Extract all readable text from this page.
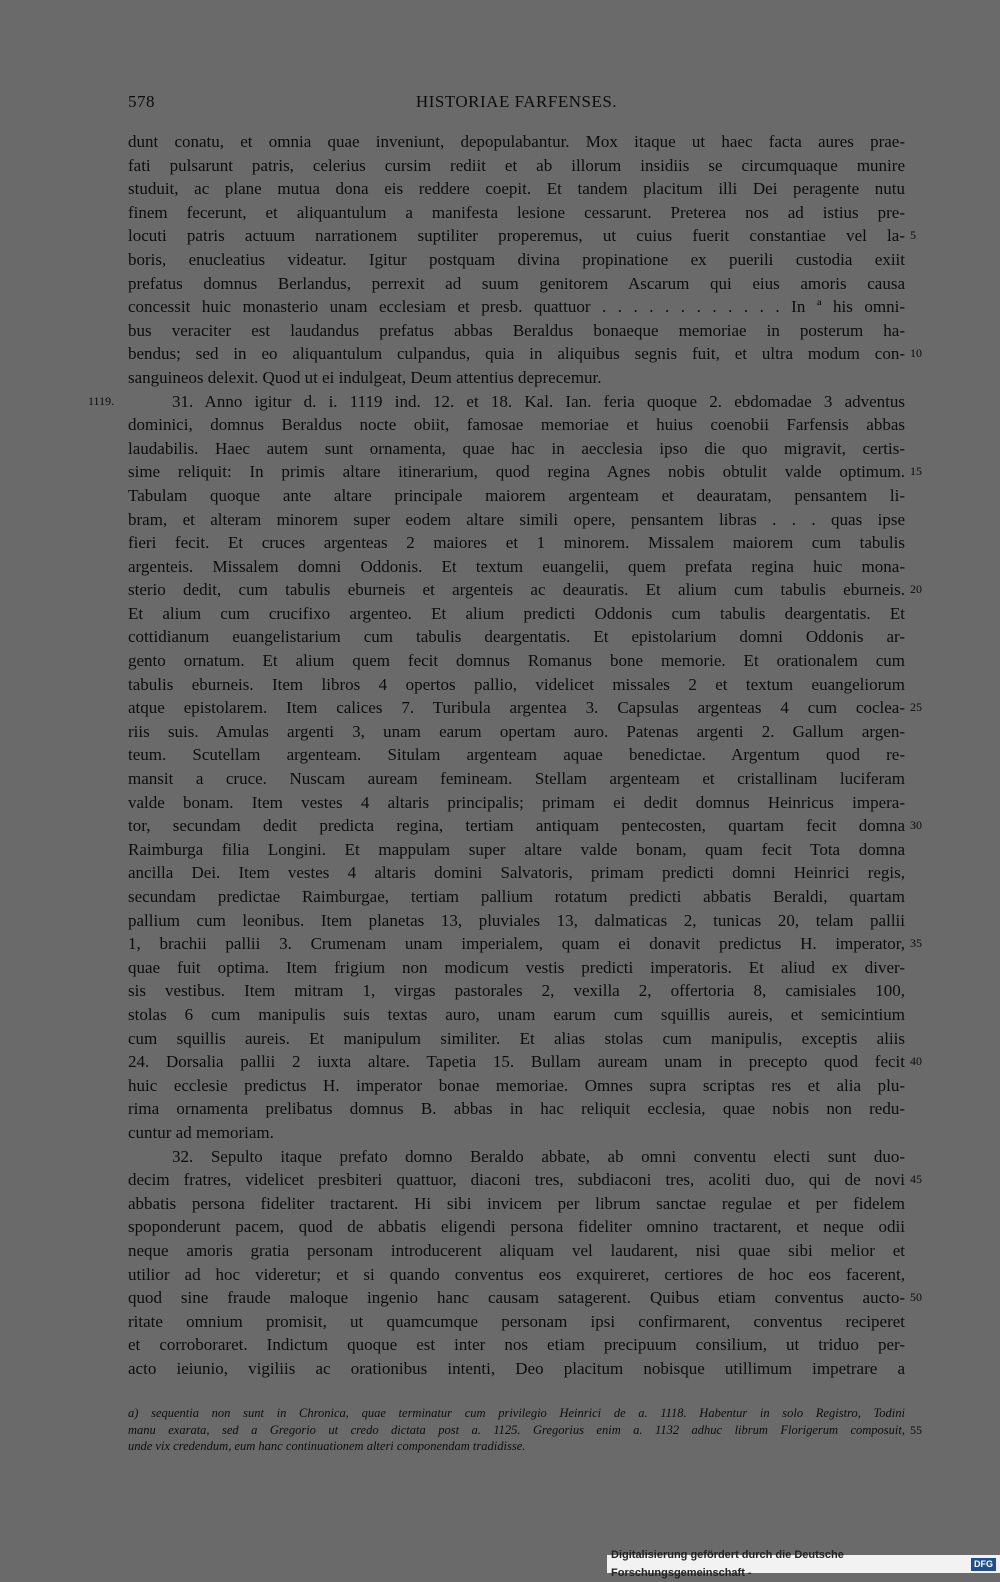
578	HISTORIAE FARFENSES.
dunt conatu, et omnia quae inveniunt, depopulabantur. Mox itaque ut haec facta aures prae-
fati pulsarunt patris, celerius cursim rediit et ab illorum insidiis se circumquaque munire
studuit, ac plane mutua dona eis reddere coepit. Et tandem placitum illi Dei peragente nutu
finem fecerunt, et aliquantulum a manifesta lesione cessarunt. Preterea nos ad istius pre-
locuti patris actuum narrationem suptiliter properemus, ut cuius fuerit constantiae vel la- 5
boris, enucleatius videatur. Igitur postquam divina propinatione ex puerili custodia exiit
prefatus domnus Berlandus, perrexit ad suum genitorem Ascarum qui eius amoris causa
concessit huic monasterio unam ecclesiam et presb. quattuor . . . . . . . . . . . . In ª his omni-
bus veraciter est laudandus prefatus abbas Beraldus bonaeque memoriae in posterum ha-
bendus; sed in eo aliquantulum culpandus, quia in aliquibus segnis fuit, et ultra modum con- 10
sanguineos delexit. Quod ut ei indulgeat, Deum attentius deprecemur.
31. Anno igitur d. i. 1119 ind. 12. et 18. Kal. Ian. feria quoque 2. ebdomadae 3 adventus
1119.
dominici, domnus Beraldus nocte obiit, famosae memoriae et huius coenobii Farfensis abbas
laudabilis. Haec autem sunt ornamenta, quae hac in aecclesia ipso die quo migravit, certis-
sime reliquit: In primis altare itinerarium, quod regina Agnes nobis obtulit valde optimum. 15
Tabulam quoque ante altare principale maiorem argenteam et deauratam, pensantem li-
bram, et alteram minorem super eodem altare simili opere, pensantem libras . . . quas ipse
fieri fecit. Et cruces argenteas 2 maiores et 1 minorem. Missalem maiorem cum tabulis
argenteis. Missalem domni Oddonis. Et textum euangelii, quem prefata regina huic mona-
sterio dedit, cum tabulis eburneis et argenteis ac deauratis. Et alium cum tabulis eburneis. 20
Et alium cum crucifixo argenteo. Et alium predicti Oddonis cum tabulis deargentatis. Et
cottidianum euangelistarium cum tabulis deargentatis. Et epistolarium domni Oddonis ar-
gento ornatum. Et alium quem fecit domnus Romanus bone memorie. Et orationalem cum
tabulis eburneis. Item libros 4 opertos pallio, videlicet missales 2 et textum euangeliorum
atque epistolarem. Item calices 7. Turibula argentea 3. Capsulas argenteas 4 cum coclea- 25
riis suis. Amulas argenti 3, unam earum opertam auro. Patenas argenti 2. Gallum argen-
teum. Scutellam argenteam. Situlam argenteam aquae benedictae. Argentum quod re-
mansit a cruce. Nuscam auream femineam. Stellam argenteam et cristallinam luciferam
valde bonam. Item vestes 4 altaris principalis; primam ei dedit domnus Heinricus impera-
tor, secundam dedit predicta regina, tertiam antiquam pentecosten, quartam fecit domna 30
Raimburga filia Longini. Et mappulam super altare valde bonam, quam fecit Tota domna
ancilla Dei. Item vestes 4 altaris domini Salvatoris, primam predicti domni Heinrici regis,
secundam predictae Raimburgae, tertiam pallium rotatum predicti abbatis Beraldi, quartam
pallium cum leonibus. Item planetas 13, pluviales 13, dalmaticas 2, tunicas 20, telam pallii
1, brachii pallii 3. Crumenam unam imperialem, quam ei donavit predictus H. imperator, 35
quae fuit optima. Item frigium non modicum vestis predicti imperatoris. Et aliud ex diver-
sis vestibus. Item mitram 1, virgas pastorales 2, vexilla 2, offertoria 8, camisiales 100,
stolas 6 cum manipulis suis textas auro, unam earum cum squillis aureis, et semicintium
cum squillis aureis. Et manipulum similiter. Et alias stolas cum manipulis, exceptis aliis
24. Dorsalia pallii 2 iuxta altare. Tapetia 15. Bullam auream unam in precepto quod fecit 40
huic ecclesie predictus H. imperator bonae memoriae. Omnes supra scriptas res et alia plu-
rima ornamenta prelibatus domnus B. abbas in hac reliquit ecclesia, quae nobis non redu-
cuntur ad memoriam.
32. Sepulto itaque prefato domno Beraldo abbate, ab omni conventu electi sunt duo-
decim fratres, videlicet presbiteri quattuor, diaconi tres, subdiaconi tres, acoliti duo, qui de novi 45
abbatis persona fideliter tractarent. Hi sibi invicem per librum sanctae regulae et per fidelem
spoponderunt pacem, quod de abbatis eligendi persona fideliter omnino tractarent, et neque odii
neque amoris gratia personam introducerent aliquam vel laudarent, nisi quae sibi melior et
utilior ad hoc videretur; et si quando conventus eos exquireret, certiores de hoc eos facerent,
quod sine fraude maloque ingenio hanc causam satagerent. Quibus etiam conventus aucto- 50
ritate omnium promisit, ut quamcumque personam ipsi confirmarent, conventus reciperet
et corroboraret. Indictum quoque est inter nos etiam precipuum consilium, ut triduo per-
acto ieiunio, vigiliis ac orationibus intenti, Deo placitum nobisque utillimum impetrare a
a) sequentia non sunt in Chronica, quae terminatur cum privilegio Heinrici de a. 1118. Habentur in solo Registro, Todini
manu exarata, sed a Gregorio ut credo dictata post a. 1125. Gregorius enim a. 1132 adhuc librum Florigerum composuit, 55
unde vix credendum, eum hanc continuationem alteri componendam tradidisse.
Digitalisierung gefördert durch die Deutsche Forschungsgemeinschaft -
DFG
